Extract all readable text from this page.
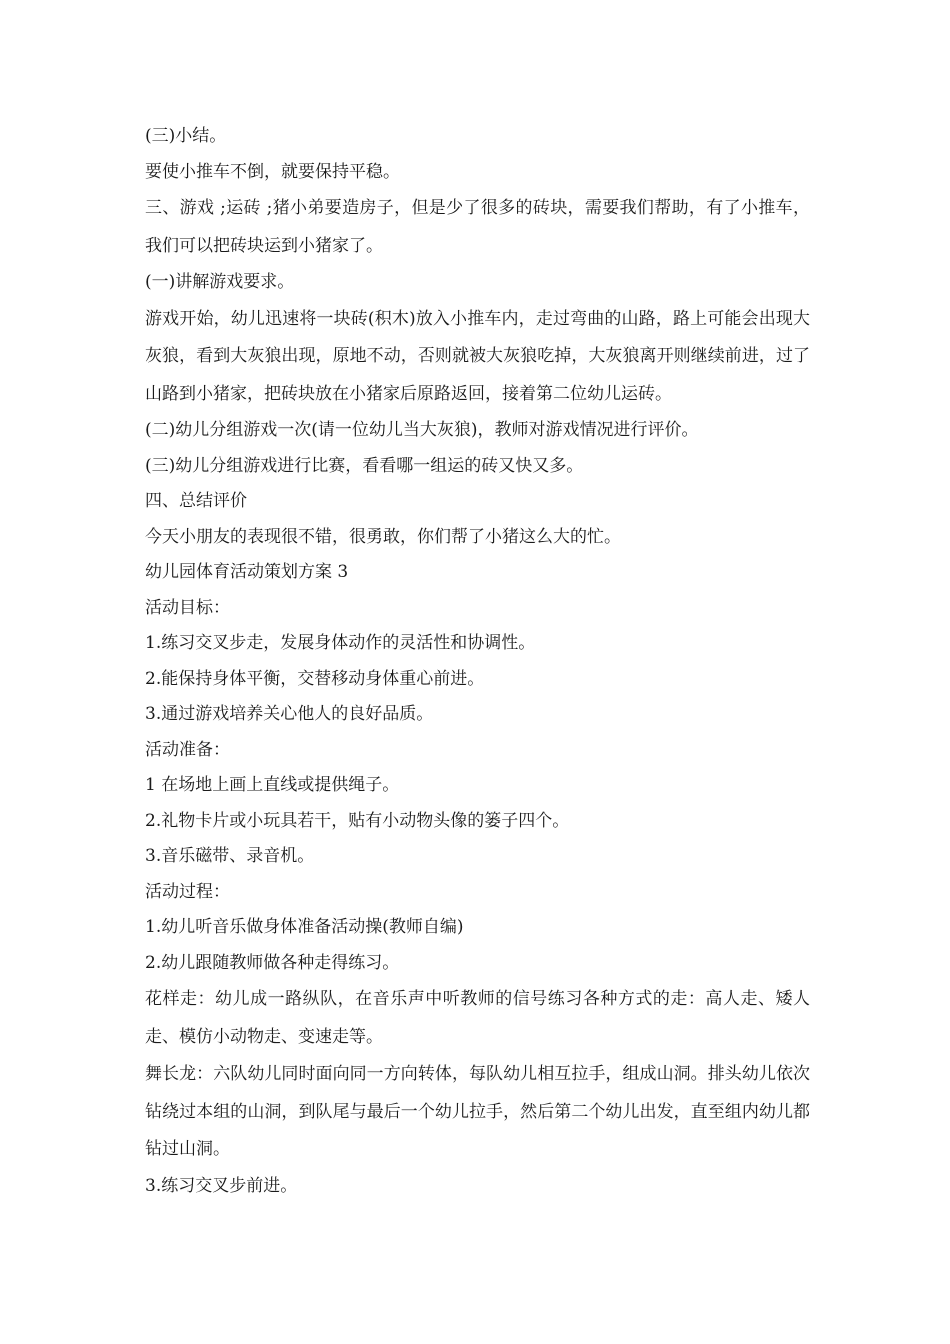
(三)小结。

要使小推车不倒，就要保持平稳。

三、游戏 ;运砖 ;猪小弟要造房子，但是少了很多的砖块，需要我们帮助，有了小推车，我们可以把砖块运到小猪家了。

(一)讲解游戏要求。

游戏开始，幼儿迅速将一块砖(积木)放入小推车内，走过弯曲的山路，路上可能会出现大灰狼，看到大灰狼出现，原地不动，否则就被大灰狼吃掉，大灰狼离开则继续前进，过了山路到小猪家，把砖块放在小猪家后原路返回，接着第二位幼儿运砖。

(二)幼儿分组游戏一次(请一位幼儿当大灰狼)，教师对游戏情况进行评价。

(三)幼儿分组游戏进行比赛，看看哪一组运的砖又快又多。

四、总结评价

今天小朋友的表现很不错，很勇敢，你们帮了小猪这么大的忙。

幼儿园体育活动策划方案 3

活动目标：

1.练习交叉步走，发展身体动作的灵活性和协调性。

2.能保持身体平衡，交替移动身体重心前进。

3.通过游戏培养关心他人的良好品质。

活动准备：

1 在场地上画上直线或提供绳子。

2.礼物卡片或小玩具若干，贴有小动物头像的篓子四个。

3.音乐磁带、录音机。

活动过程：

1.幼儿听音乐做身体准备活动操(教师自编)

2.幼儿跟随教师做各种走得练习。

花样走：幼儿成一路纵队，在音乐声中听教师的信号练习各种方式的走：高人走、矮人走、模仿小动物走、变速走等。

舞长龙：六队幼儿同时面向同一方向转体，每队幼儿相互拉手，组成山洞。排头幼儿依次钻绕过本组的山洞，到队尾与最后一个幼儿拉手，然后第二个幼儿出发，直至组内幼儿都钻过山洞。

3.练习交叉步前进。
